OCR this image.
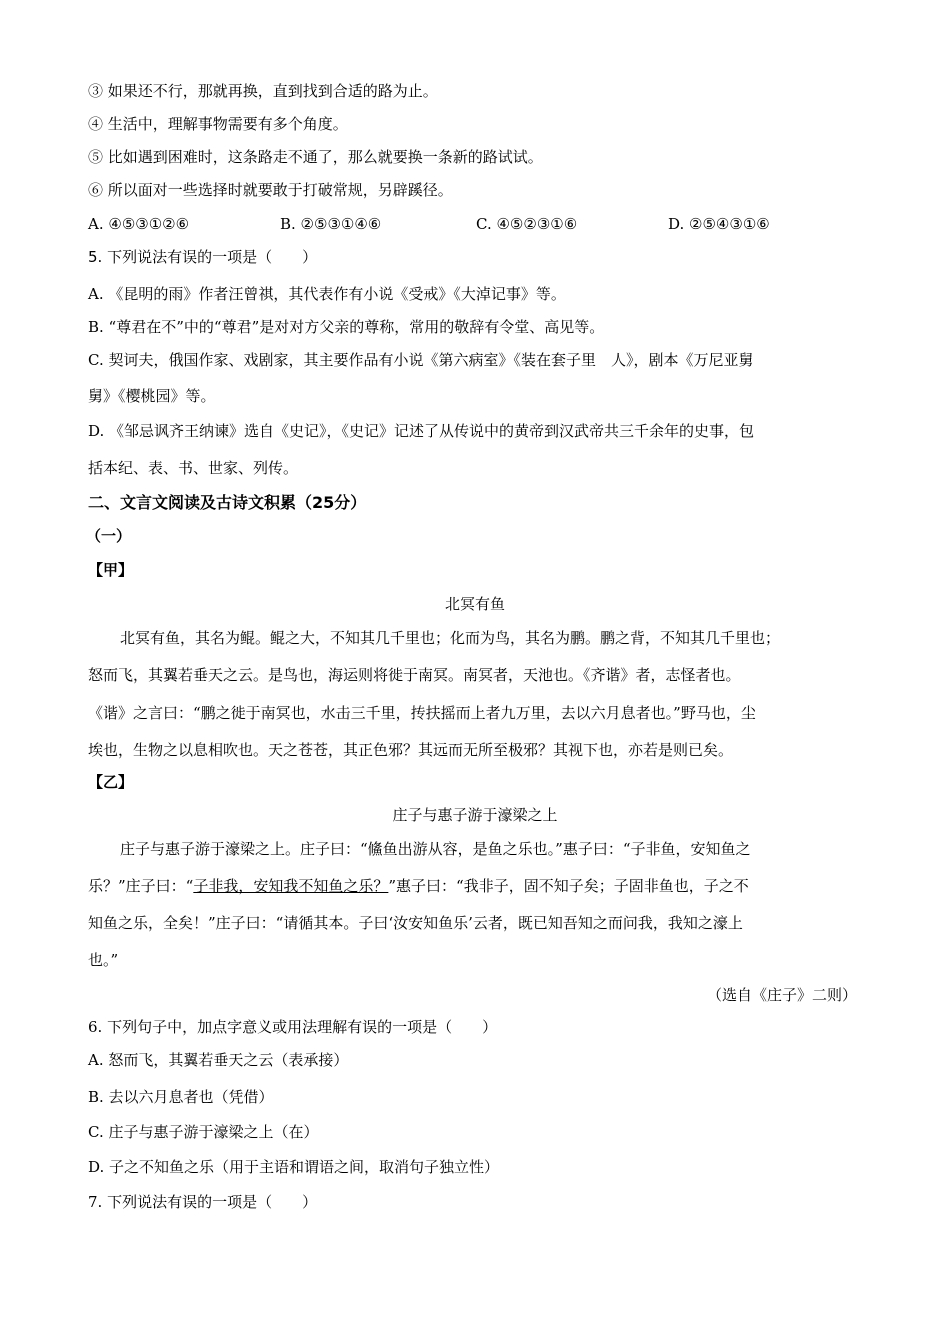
③ 如果还不行，那就再换，直到找到合适的路为止。
④ 生活中，理解事物需要有多个角度。
⑤ 比如遇到困难时，这条路走不通了，那么就要换一条新的路试试。
⑥ 所以面对一些选择时就要敢于打破常规，另辟蹊径。
A. ④⑤③①②⑥	B. ②⑤③①④⑥	C. ④⑤②③①⑥	D. ②⑤④③①⑥
5. 下列说法有误的一项是（　　）
A. 《昆明的雨》作者汪曾祺，其代表作有小说《受戒》《大淖记事》等。
B. “尊君在不”中的“尊君”是对对方父亲的尊称，常用的敬辞有令堂、高见等。
C. 契诃夫，俄国作家、戏剧家，其主要作品有小说《第六病室》《装在套子里　人》，剧本《万尼亚舅
舅》《樱桃园》等。
D. 《邹忌讽齐王纳谏》选自《史记》，《史记》记述了从传说中的黄帝到汉武帝共三千余年的史事，包
括本纪、表、书、世家、列传。
二、文言文阅读及古诗文积累（25分）
（一）
【甲】
北冥有鱼
北冥有鱼，其名为鲲。鲲之大，不知其几千里也；化而为鸟，其名为鹏。鹏之背，不知其几千里也；
怒而飞，其翼若垂天之云。是鸟也，海运则将徙于南冥。南冥者，天池也。《齐谐》者，志怪者也。
《谐》之言曰：“鹏之徙于南冥也，水击三千里，抟扶摇而上者九万里，去以六月息者也。”野马也，尘
埃也，生物之以息相吹也。天之苍苍，其正色邪？其远而无所至极邪？其视下也，亦若是则已矣。
【乙】
庄子与惠子游于濠梁之上
庄子与惠子游于濠梁之上。庄子曰：“鯈鱼出游从容，是鱼之乐也。”惠子曰：“子非鱼，安知鱼之
乐？”庄子曰：“子非我，安知我不知鱼之乐？”惠子曰：“我非子，固不知子矣；子固非鱼也，子之不
知鱼之乐，全矣！”庄子曰：“请循其本。子曰‘汝安知鱼乐’云者，既已知吾知之而问我，我知之濠上
也。”
（选自《庄子》二则）
6. 下列句子中，加点字意义或用法理解有误的一项是（　　）
A. 怒而飞，其翼若垂天之云（表承接）
B. 去以六月息者也（凭借）
C. 庄子与惠子游于濠梁之上（在）
D. 子之不知鱼之乐（用于主语和谓语之间，取消句子独立性）
7. 下列说法有误的一项是（　　）
